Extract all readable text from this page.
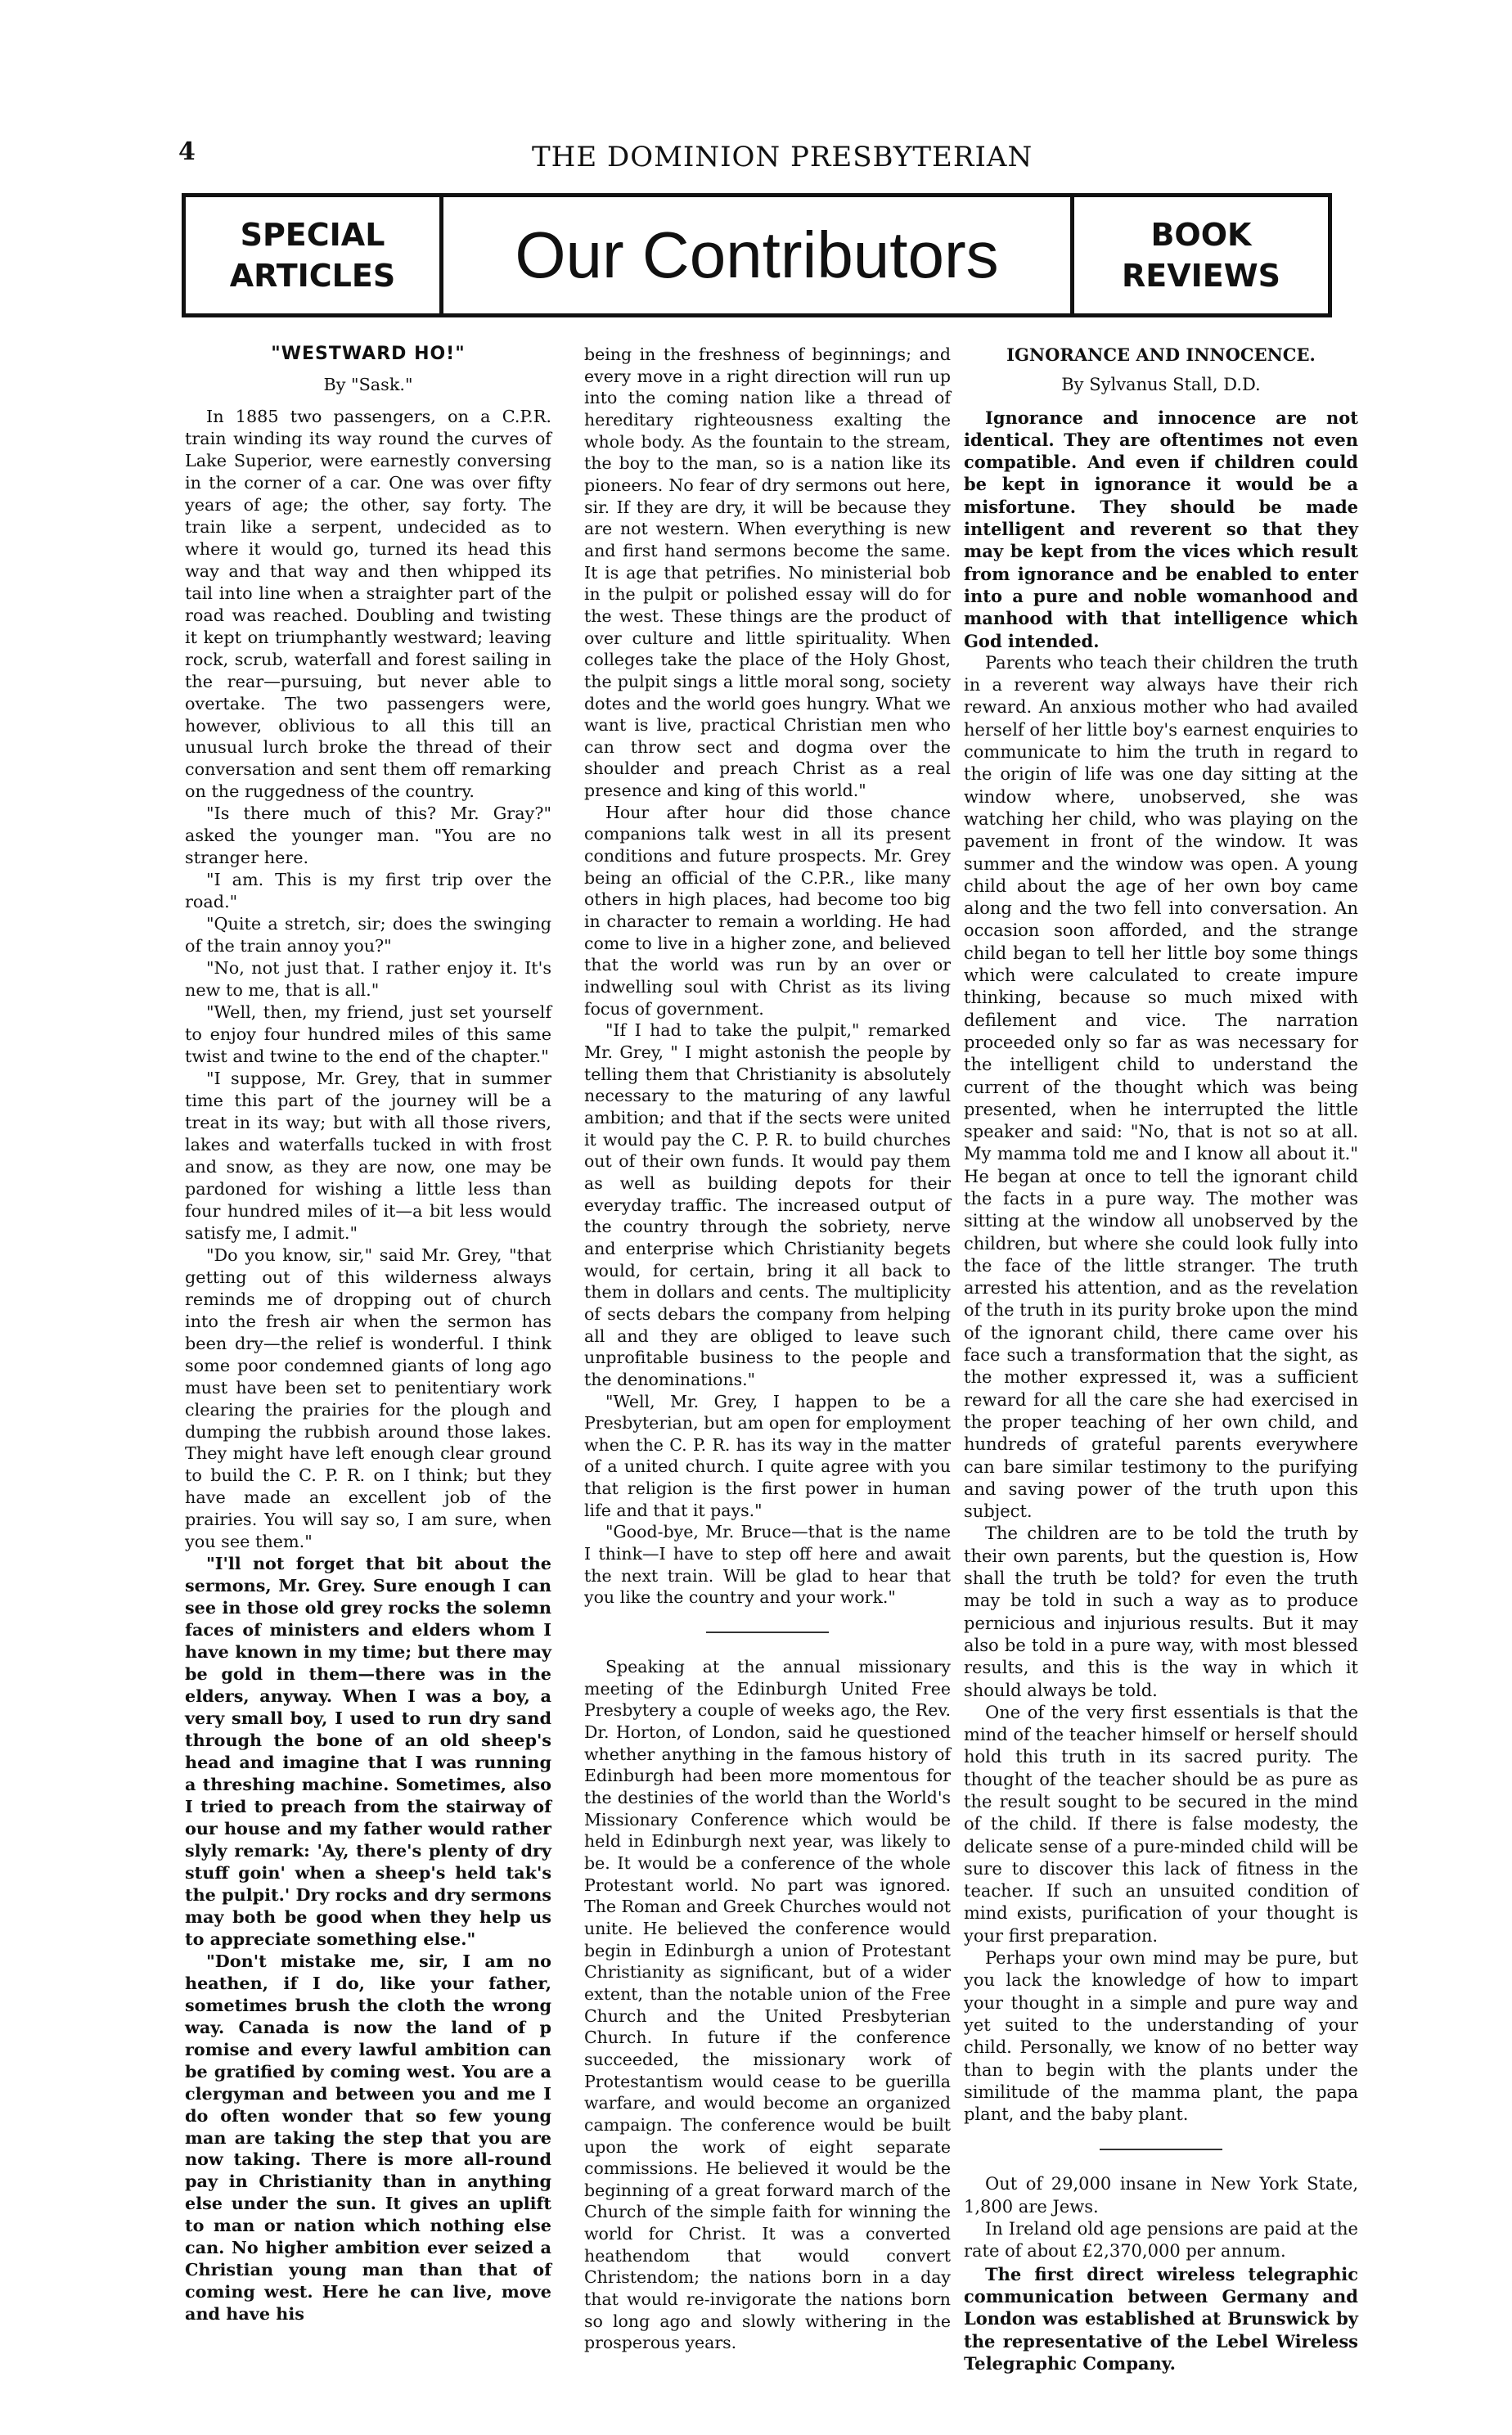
4	THE DOMINION PRESBYTERIAN
SPECIAL
ARTICLES	Our Contributors	BOOK
REVIEWS
"WESTWARD HO!"
By "Sask."

In 1885 two passengers, on a C.P.R. train winding its way round the curves of Lake Superior, were earnestly conversing in the corner of a car. One was over fifty years of age; the other, say forty. The train like a serpent, undecided as to where it would go, turned its head this way and that way and then whipped its tail into line when a straighter part of the road was reached. Doubling and twisting it kept on triumphantly westward; leaving rock, scrub, waterfall and forest sailing in the rear—pursuing, but never able to overtake. The two passengers were, however, oblivious to all this till an unusual lurch broke the thread of their conversation and sent them off remarking on the ruggedness of the country.

"Is there much of this? Mr. Gray?" asked the younger man. "You are no stranger here.

"I am. This is my first trip over the road."

"Quite a stretch, sir; does the swinging of the train annoy you?"

"No, not just that. I rather enjoy it. It's new to me, that is all."

"Well, then, my friend, just set yourself to enjoy four hundred miles of this same twist and twine to the end of the chapter."

"I suppose, Mr. Grey, that in summer time this part of the journey will be a treat in its way; but with all those rivers, lakes and waterfalls tucked in with frost and snow, as they are now, one may be pardoned for wishing a little less than four hundred miles of it—a bit less would satisfy me, I admit."

"Do you know, sir," said Mr. Grey, "that getting out of this wilderness always reminds me of dropping out of church into the fresh air when the sermon has been dry—the relief is wonderful. I think some poor condemned giants of long ago must have been set to penitentiary work clearing the prairies for the plough and dumping the rubbish around those lakes. They might have left enough clear ground to build the C. P. R. on I think; but they have made an excellent job of the prairies. You will say so, I am sure, when you see them."

"I'll not forget that bit about the sermons, Mr. Grey. Sure enough I can see in those old grey rocks the solemn faces of ministers and elders whom I have known in my time; but there may be gold in them—there was in the elders, anyway. When I was a boy, a very small boy, I used to run dry sand through the bone of an old sheep's head and imagine that I was running a threshing machine. Sometimes, also I tried to preach from the stairway of our house and my father would rather slyly remark: 'Ay, there's plenty of dry stuff goin' when a sheep's held tak's the pulpit.' Dry rocks and dry sermons may both be good when they help us to appreciate something else."

"Don't mistake me, sir, I am no heathen, if I do, like your father, sometimes brush the cloth the wrong way. Canada is now the land of p romise and every lawful ambition can be gratified by coming west. You are a clergyman and between you and me I do often wonder that so few young man are taking the step that you are now taking. There is more all-round pay in Christianity than in anything else under the sun. It gives an uplift to man or nation which nothing else can. No higher ambition ever seized a Christian young man than that of coming west. Here he can live, move and have his

being in the freshness of beginnings; and every move in a right direction will run up into the coming nation like a thread of hereditary righteousness exalting the whole body. As the fountain to the stream, the boy to the man, so is a nation like its pioneers. No fear of dry sermons out here, sir. If they are dry, it will be because they are not western. When everything is new and first hand sermons become the same. It is age that petrifies. No ministerial bob in the pulpit or polished essay will do for the west. These things are the product of over culture and little spirituality. When colleges take the place of the Holy Ghost, the pulpit sings a little moral song, society dotes and the world goes hungry. What we want is live, practical Christian men who can throw sect and dogma over the shoulder and preach Christ as a real presence and king of this world."

Hour after hour did those chance companions talk west in all its present conditions and future prospects. Mr. Grey being an official of the C.P.R., like many others in high places, had become too big in character to remain a worlding. He had come to live in a higher zone, and believed that the world was run by an over or indwelling soul with Christ as its living focus of government.

"If I had to take the pulpit," remarked Mr. Grey, " I might astonish the people by telling them that Christianity is absolutely necessary to the maturing of any lawful ambition; and that if the sects were united it would pay the C. P. R. to build churches out of their own funds. It would pay them as well as building depots for their everyday traffic. The increased output of the country through the sobriety, nerve and enterprise which Christianity begets would, for certain, bring it all back to them in dollars and cents. The multiplicity of sects debars the company from helping all and they are obliged to leave such unprofitable business to the people and the denominations."

"Well, Mr. Grey, I happen to be a Presbyterian, but am open for employment when the C. P. R. has its way in the matter of a united church. I quite agree with you that religion is the first power in human life and that it pays."

"Good-bye, Mr. Bruce—that is the name I think—I have to step off here and await the next train. Will be glad to hear that you like the country and your work."

Speaking at the annual missionary meeting of the Edinburgh United Free Presbytery a couple of weeks ago, the Rev. Dr. Horton, of London, said he questioned whether anything in the famous history of Edinburgh had been more momentous for the destinies of the world than the World's Missionary Conference which would be held in Edinburgh next year, was likely to be. It would be a conference of the whole Protestant world. No part was ignored. The Roman and Greek Churches would not unite. He believed the conference would begin in Edinburgh a union of Protestant Christianity as significant, but of a wider extent, than the notable union of the Free Church and the United Presbyterian Church. In future if the conference succeeded, the missionary work of Protestantism would cease to be guerilla warfare, and would become an organized campaign. The conference would be built upon the work of eight separate commissions. He believed it would be the beginning of a great forward march of the Church of the simple faith for winning the world for Christ. It was a converted heathendom that would convert Christendom; the nations born in a day that would re-invigorate the nations born so long ago and slowly withering in the prosperous years.

IGNORANCE AND INNOCENCE.
By Sylvanus Stall, D.D.

Ignorance and innocence are not identical. They are oftentimes not even compatible. And even if children could be kept in ignorance it would be a misfortune. They should be made intelligent and reverent so that they may be kept from the vices which result from ignorance and be enabled to enter into a pure and noble womanhood and manhood with that intelligence which God intended.

Parents who teach their children the truth in a reverent way always have their rich reward. An anxious mother who had availed herself of her little boy's earnest enquiries to communicate to him the truth in regard to the origin of life was one day sitting at the window where, unobserved, she was watching her child, who was playing on the pavement in front of the window. It was summer and the window was open. A young child about the age of her own boy came along and the two fell into conversation. An occasion soon afforded, and the strange child began to tell her little boy some things which were calculated to create impure thinking, because so much mixed with defilement and vice. The narration proceeded only so far as was necessary for the intelligent child to understand the current of the thought which was being presented, when he interrupted the little speaker and said: "No, that is not so at all. My mamma told me and I know all about it." He began at once to tell the ignorant child the facts in a pure way. The mother was sitting at the window all unobserved by the children, but where she could look fully into the face of the little stranger. The truth arrested his attention, and as the revelation of the truth in its purity broke upon the mind of the ignorant child, there came over his face such a transformation that the sight, as the mother expressed it, was a sufficient reward for all the care she had exercised in the proper teaching of her own child, and hundreds of grateful parents everywhere can bare similar testimony to the purifying and saving power of the truth upon this subject.

The children are to be told the truth by their own parents, but the question is, How shall the truth be told? for even the truth may be told in such a way as to produce pernicious and injurious results. But it may also be told in a pure way, with most blessed results, and this is the way in which it should always be told.

One of the very first essentials is that the mind of the teacher himself or herself should hold this truth in its sacred purity. The thought of the teacher should be as pure as the result sought to be secured in the mind of the child. If there is false modesty, the delicate sense of a pure-minded child will be sure to discover this lack of fitness in the teacher. If such an unsuited condition of mind exists, purification of your thought is your first preparation.

Perhaps your own mind may be pure, but you lack the knowledge of how to impart your thought in a simple and pure way and yet suited to the understanding of your child. Personally, we know of no better way than to begin with the plants under the similitude of the mamma plant, the papa plant, and the baby plant.

Out of 29,000 insane in New York State, 1,800 are Jews.

In Ireland old age pensions are paid at the rate of about £2,370,000 per annum.

The first direct wireless telegraphic communication between Germany and London was established at Brunswick by the representative of the Lebel Wireless Telegraphic Company.
